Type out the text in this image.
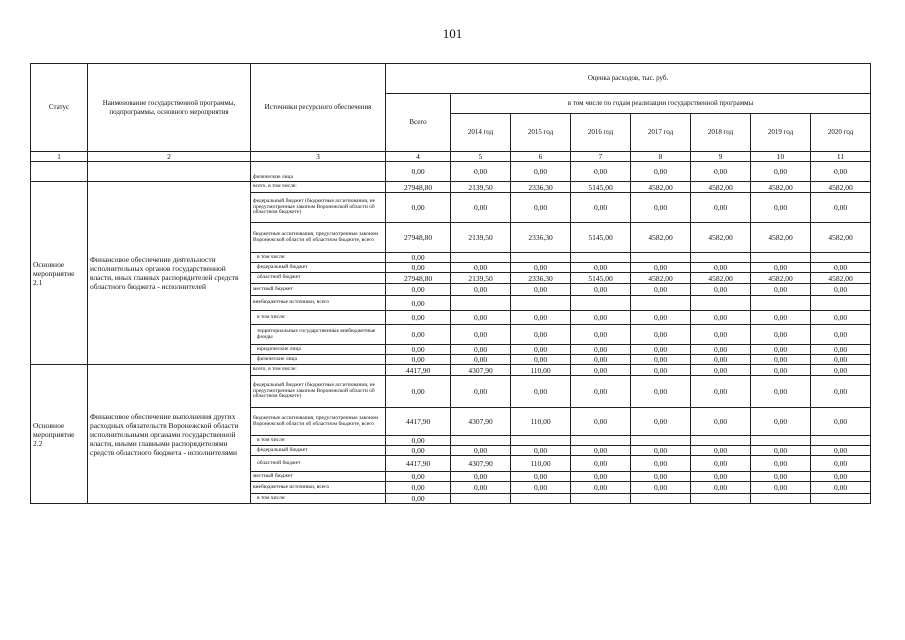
101
Статус	Наименование государственной программы, подпрограммы, основного мероприятия	Источники ресурсного обеспечения	Оценка расходов, тыс. руб.							
			Всего	в том числе по годам реализации государственной программы						
				2014 год	2015 год	2016 год	2017 год	2018 год	2019 год	2020 год
1	2	3	4	5	6	7	8	9	10	11
		физические лица	0,00	0,00	0,00	0,00	0,00	0,00	0,00	0,00
Основное мероприятие 2.1	Финансовое обеспечение деятельности исполнительных органов государственной власти, иных главных распорядителей средств областного бюджета - исполнителей	всего, в том числе:	27948,80	2139,50	2336,30	5145,00	4582,00	4582,00	4582,00	4582,00
		федеральный бюджет (бюджетные ассигнования, не предусмотренные законом Воронежской области об областном бюджете)	0,00	0,00	0,00	0,00	0,00	0,00	0,00	0,00
		бюджетные ассигнования, предусмотренные законом Воронежской области об областном бюджете, всего	27948,80	2139,50	2336,30	5145,00	4582,00	4582,00	4582,00	4582,00
		в том числе:	0,00							
		федеральный бюджет	0,00	0,00	0,00	0,00	0,00	0,00	0,00	0,00
		областной бюджет	27948,80	2139,50	2336,30	5145,00	4582,00	4582,00	4582,00	4582,00
		местный бюджет	0,00	0,00	0,00	0,00	0,00	0,00	0,00	0,00
		внебюджетные источники, всего	0,00							
		в том числе:	0,00	0,00	0,00	0,00	0,00	0,00	0,00	0,00
		территориальные государственные внебюджетные фонды	0,00	0,00	0,00	0,00	0,00	0,00	0,00	0,00
		юридические лица	0,00	0,00	0,00	0,00	0,00	0,00	0,00	0,00
		физические лица	0,00	0,00	0,00	0,00	0,00	0,00	0,00	0,00
Основное мероприятие 2.2	Финансовое обеспечение выполнения других расходных обязательств Воронежской области исполнительными органами государственной власти, иными главными распорядителями средств областного бюджета - исполнителями	всего, в том числе:	4417,90	4307,90	110,00	0,00	0,00	0,00	0,00	0,00
		федеральный бюджет (бюджетные ассигнования, не предусмотренные законом Воронежской области об областном бюджете)	0,00	0,00	0,00	0,00	0,00	0,00	0,00	0,00
		бюджетные ассигнования, предусмотренные законом Воронежской области об областном бюджете, всего	4417,90	4307,90	110,00	0,00	0,00	0,00	0,00	0,00
		в том числе:	0,00							
		федеральный бюджет	0,00	0,00	0,00	0,00	0,00	0,00	0,00	0,00
		областной бюджет	4417,90	4307,90	110,00	0,00	0,00	0,00	0,00	0,00
		местный бюджет	0,00	0,00	0,00	0,00	0,00	0,00	0,00	0,00
		внебюджетные источники, всего	0,00	0,00	0,00	0,00	0,00	0,00	0,00	0,00
		в том числе:	0,00							
